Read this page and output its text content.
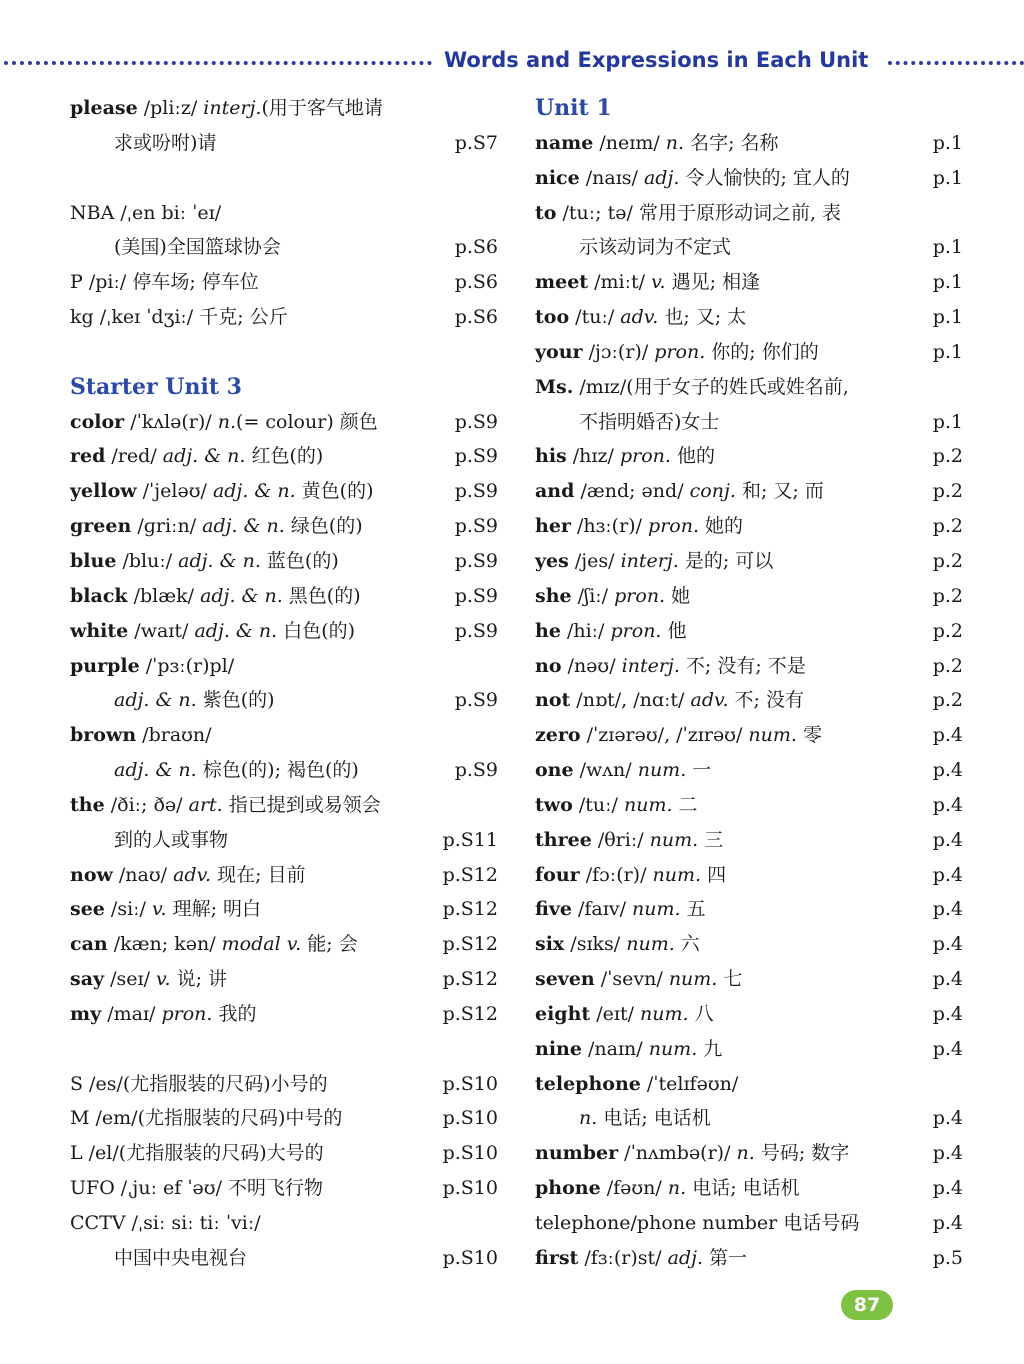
Words and Expressions in Each Unit
please /pliːz/ interj.(用于客气地请
求或吩咐)请	p.S7
NBA /ˌen biː ˈeɪ/
(美国)全国篮球协会	p.S6
P /piː/ 停车场; 停车位	p.S6
kg /ˌkeɪ ˈdʒiː/ 千克; 公斤	p.S6
Starter Unit 3
color /ˈkʌlə(r)/ n.(= colour) 颜色	p.S9
red /red/ adj. & n. 红色(的)	p.S9
yellow /ˈjeləʊ/ adj. & n. 黄色(的)	p.S9
green /ɡriːn/ adj. & n. 绿色(的)	p.S9
blue /bluː/ adj. & n. 蓝色(的)	p.S9
black /blæk/ adj. & n. 黑色(的)	p.S9
white /waɪt/ adj. & n. 白色(的)	p.S9
purple /ˈpɜː(r)pl/
adj. & n. 紫色(的)	p.S9
brown /braʊn/
adj. & n. 棕色(的); 褐色(的)	p.S9
the /ðiː; ðə/ art. 指已提到或易领会
到的人或事物	p.S11
now /naʊ/ adv. 现在; 目前	p.S12
see /siː/ v. 理解; 明白	p.S12
can /kæn; kən/ modal v. 能; 会	p.S12
say /seɪ/ v. 说; 讲	p.S12
my /maɪ/ pron. 我的	p.S12
S /es/(尤指服装的尺码)小号的	p.S10
M /em/(尤指服装的尺码)中号的	p.S10
L /el/(尤指服装的尺码)大号的	p.S10
UFO /ˌjuː ef ˈəʊ/ 不明飞行物	p.S10
CCTV /ˌsiː siː tiː ˈviː/
中国中央电视台	p.S10
Unit 1
name /neɪm/ n. 名字; 名称	p.1
nice /naɪs/ adj. 令人愉快的; 宜人的	p.1
to /tuː; tə/ 常用于原形动词之前, 表
示该动词为不定式	p.1
meet /miːt/ v. 遇见; 相逢	p.1
too /tuː/ adv. 也; 又; 太	p.1
your /jɔː(r)/ pron. 你的; 你们的	p.1
Ms. /mɪz/(用于女子的姓氏或姓名前,
不指明婚否)女士	p.1
his /hɪz/ pron. 他的	p.2
and /ænd; ənd/ conj. 和; 又; 而	p.2
her /hɜː(r)/ pron. 她的	p.2
yes /jes/ interj. 是的; 可以	p.2
she /ʃiː/ pron. 她	p.2
he /hiː/ pron. 他	p.2
no /nəʊ/ interj. 不; 没有; 不是	p.2
not /nɒt/, /nɑːt/ adv. 不; 没有	p.2
zero /ˈzɪərəʊ/, /ˈzɪrəʊ/ num. 零	p.4
one /wʌn/ num. 一	p.4
two /tuː/ num. 二	p.4
three /θriː/ num. 三	p.4
four /fɔː(r)/ num. 四	p.4
five /faɪv/ num. 五	p.4
six /sɪks/ num. 六	p.4
seven /ˈsevn/ num. 七	p.4
eight /eɪt/ num. 八	p.4
nine /naɪn/ num. 九	p.4
telephone /ˈtelɪfəʊn/
n. 电话; 电话机	p.4
number /ˈnʌmbə(r)/ n. 号码; 数字	p.4
phone /fəʊn/ n. 电话; 电话机	p.4
telephone/phone number 电话号码	p.4
first /fɜː(r)st/ adj. 第一	p.5
87
